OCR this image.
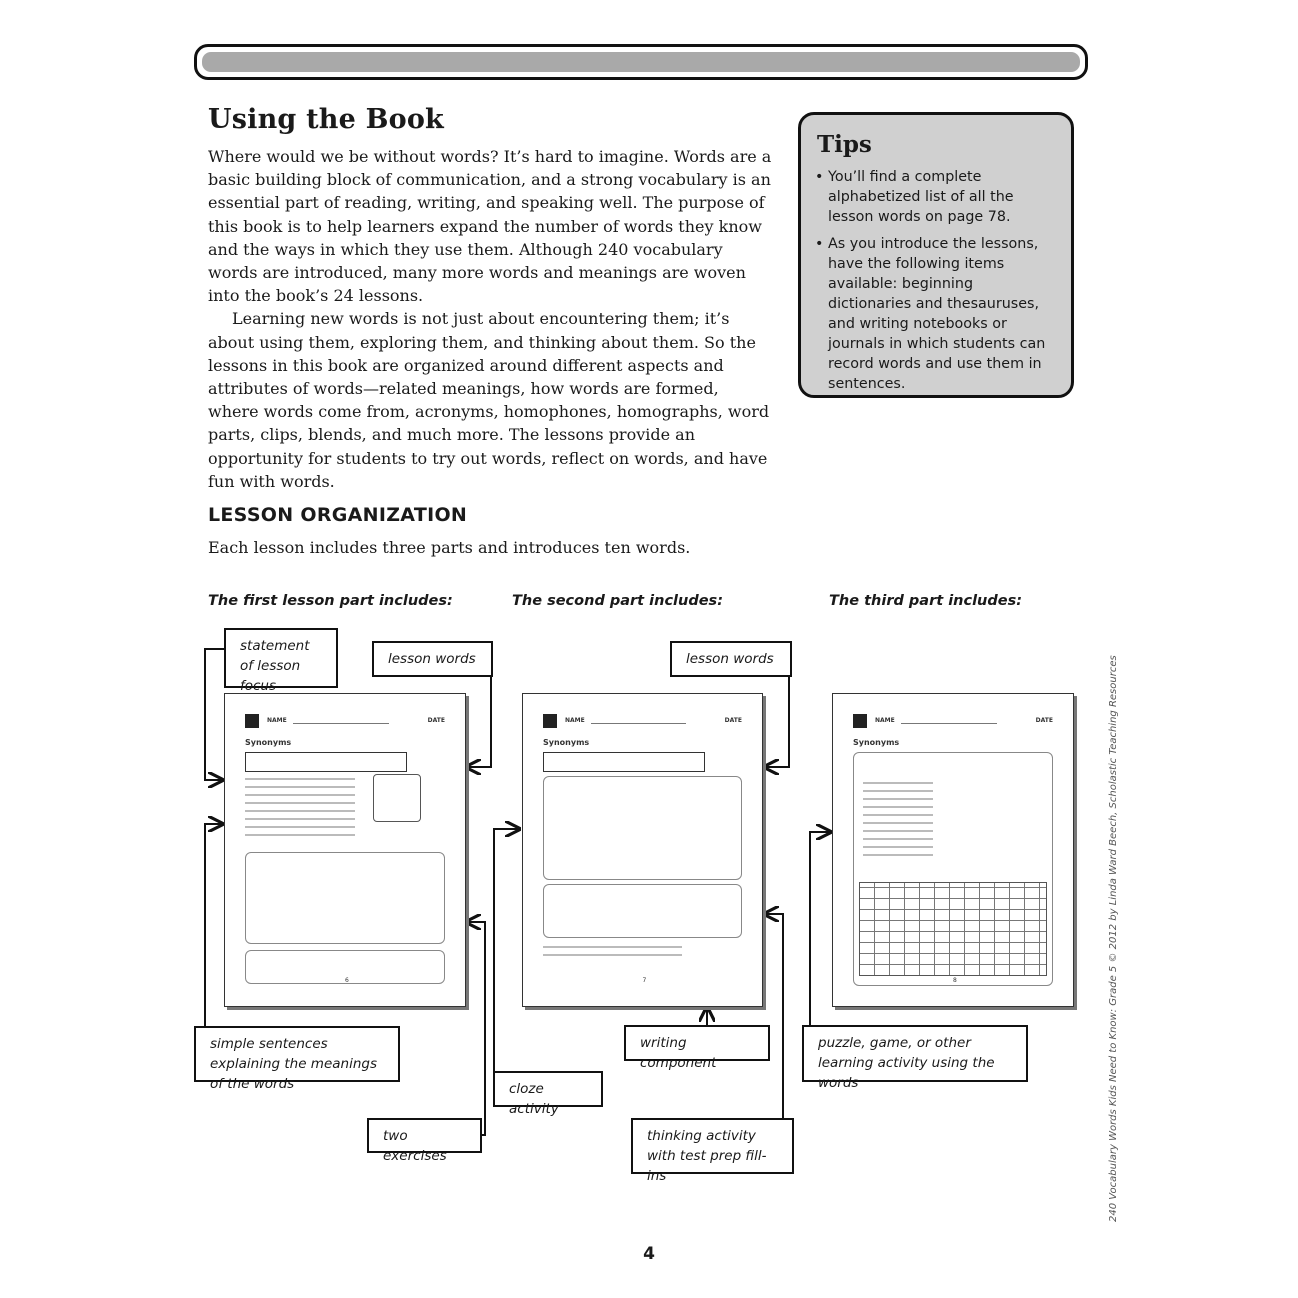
Using the Book

Where would we be without words? It’s hard to imagine. Words are a basic building block of communication, and a strong vocabulary is an essential part of reading, writing, and speaking well. The purpose of this book is to help learners expand the number of words they know and the ways in which they use them. Although 240 vocabulary words are introduced, many more words and meanings are woven into the book’s 24 lessons.

Learning new words is not just about encountering them; it’s about using them, exploring them, and thinking about them. So the lessons in this book are organized around different aspects and attributes of words—related meanings, how words are formed, where words come from, acronyms, homophones, homographs, word parts, clips, blends, and much more. The lessons provide an opportunity for students to try out words, reflect on words, and have fun with words.

Tips
• You’ll find a complete alphabetized list of all the lesson words on page 78.
• As you introduce the lessons, have the following items available: beginning dictionaries and thesauruses, and writing notebooks or journals in which students can record words and use them in sentences.
LESSON ORGANIZATION

Each lesson includes three parts and introduces ten words.

The first lesson part includes:	The second part includes:	The third part includes:

NAME	DATE
Synonyms
6
NAME	DATE
Synonyms
7
NAME	DATE
Synonyms
8
statement of lesson focus
lesson words	lesson words
simple sentences explaining the meanings of the words
writing component
puzzle, game, or other learning activity using the words
cloze activity
two exercises
thinking activity with test prep fill-ins

4

240 Vocabulary Words Kids Need to Know: Grade 5 © 2012 by Linda Ward Beech, Scholastic Teaching Resources
